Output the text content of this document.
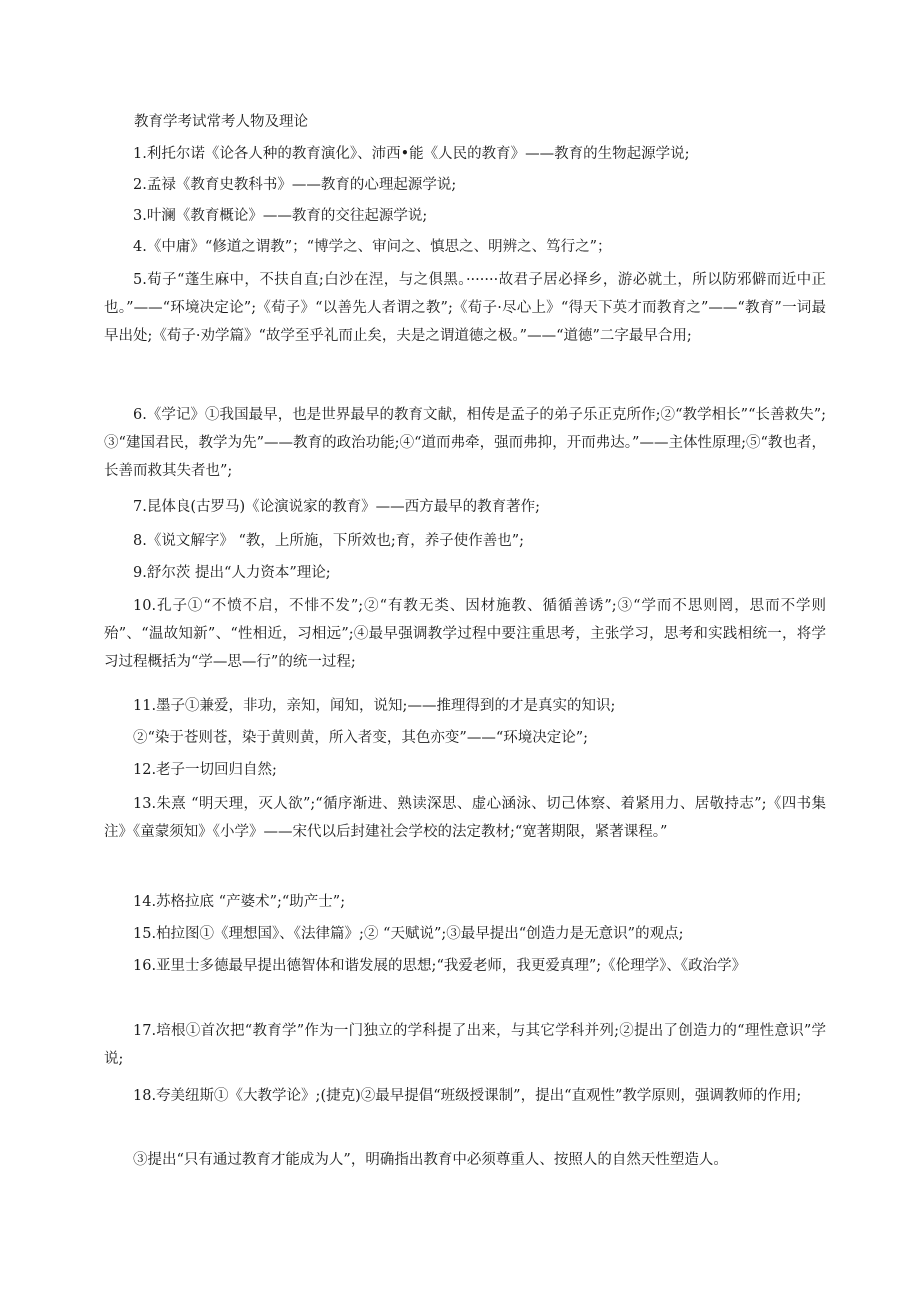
教育学考试常考人物及理论

1.利托尔诺《论各人种的教育演化》、沛西•能《人民的教育》——教育的生物起源学说;

2.孟禄《教育史教科书》——教育的心理起源学说;

3.叶澜《教育概论》——教育的交往起源学说;

4.《中庸》“修道之谓教”；“博学之、审问之、慎思之、明辨之、笃行之”；

5.荀子“蓬生麻中，不扶自直;白沙在涅，与之俱黑。·······故君子居必择乡，游必就土，所以防邪僻而近中正也。”——“环境决定论”;《荀子》“以善先人者谓之教”;《荀子·尽心上》“得天下英才而教育之”——“教育”一词最早出处;《荀子·劝学篇》“故学至乎礼而止矣，夫是之谓道德之极。”——“道德”二字最早合用;

6.《学记》①我国最早，也是世界最早的教育文献，相传是孟子的弟子乐正克所作;②“教学相长”“长善救失”;③“建国君民，教学为先”——教育的政治功能;④“道而弗牵，强而弗抑，开而弗达。”——主体性原理;⑤“教也者，长善而救其失者也”;

7.昆体良(古罗马)《论演说家的教育》——西方最早的教育著作;

8.《说文解字》 “教，上所施，下所效也;育，养子使作善也”;

9.舒尔茨 提出“人力资本”理论;

10.孔子①“不愤不启，不悱不发”;②“有教无类、因材施教、循循善诱”;③“学而不思则罔，思而不学则殆”、“温故知新”、“性相近，习相远”;④最早强调教学过程中要注重思考，主张学习，思考和实践相统一，将学习过程概括为“学—思—行”的统一过程;

11.墨子①兼爱，非功，亲知，闻知，说知;——推理得到的才是真实的知识;

②“染于苍则苍，染于黄则黄，所入者变，其色亦变”——“环境决定论”;

12.老子一切回归自然;

13.朱熹 “明天理，灭人欲”;“循序渐进、熟读深思、虚心涵泳、切己体察、着紧用力、居敬持志”;《四书集注》《童蒙须知》《小学》——宋代以后封建社会学校的法定教材;“宽著期限，紧著课程。”

14.苏格拉底 “产婆术”;“助产士”;

15.柏拉图①《理想国》、《法律篇》;② “天赋说”;③最早提出“创造力是无意识”的观点;

16.亚里士多德最早提出德智体和谐发展的思想;“我爱老师，我更爱真理”;《伦理学》、《政治学》

17.培根①首次把“教育学”作为一门独立的学科提了出来，与其它学科并列;②提出了创造力的“理性意识”学说;

18.夸美纽斯①《大教学论》;(捷克)②最早提倡“班级授课制”，提出“直观性”教学原则，强调教师的作用;

③提出“只有通过教育才能成为人”，明确指出教育中必须尊重人、按照人的自然天性塑造人。
